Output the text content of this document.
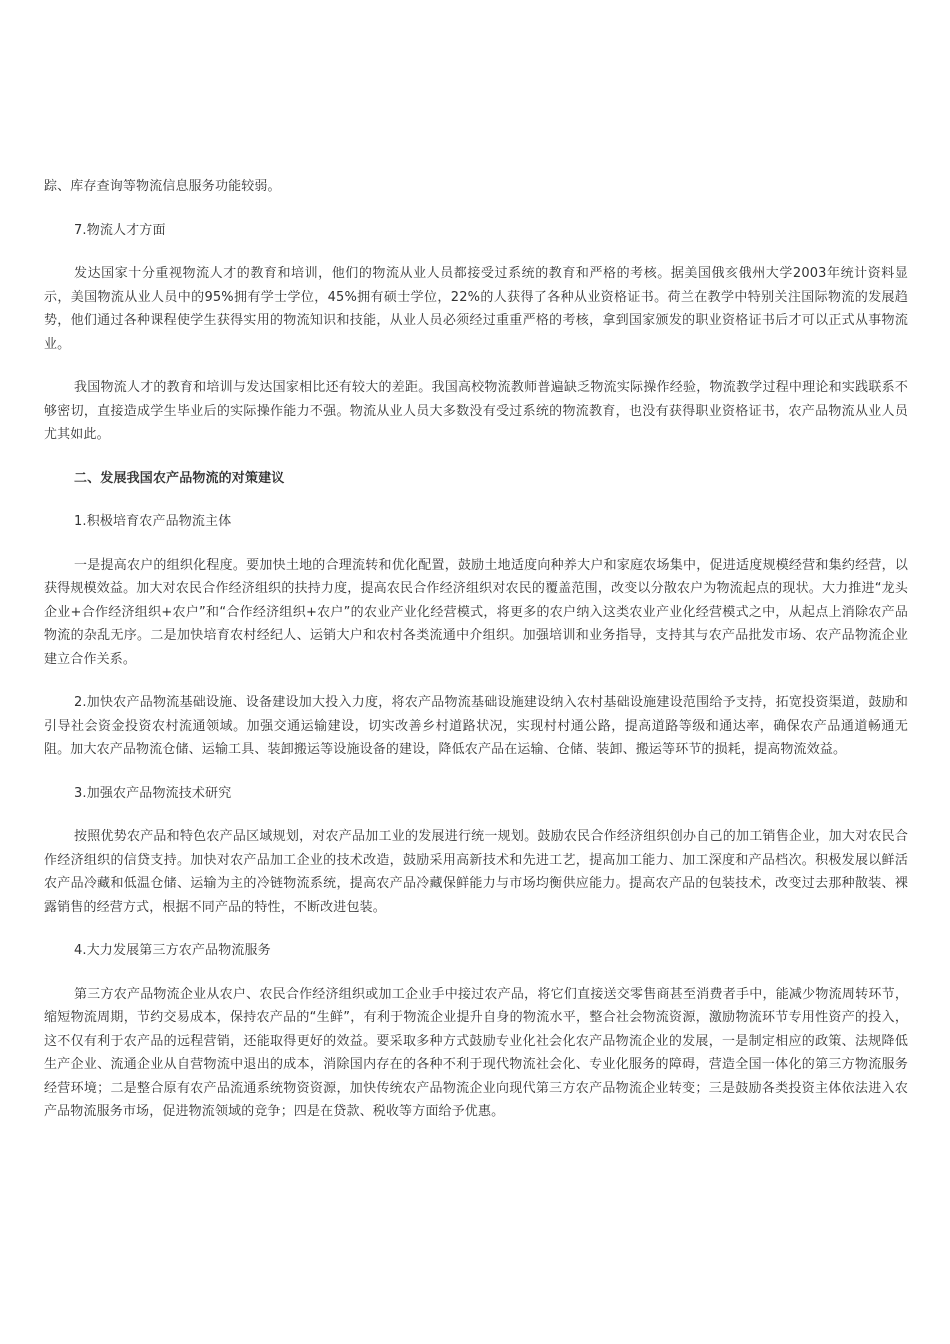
踪、库存查询等物流信息服务功能较弱。

7.物流人才方面

发达国家十分重视物流人才的教育和培训，他们的物流从业人员都接受过系统的教育和严格的考核。据美国俄亥俄州大学2003年统计资料显示，美国物流从业人员中的95%拥有学士学位，45%拥有硕士学位，22%的人获得了各种从业资格证书。荷兰在教学中特别关注国际物流的发展趋势，他们通过各种课程使学生获得实用的物流知识和技能，从业人员必须经过重重严格的考核，拿到国家颁发的职业资格证书后才可以正式从事物流业。

我国物流人才的教育和培训与发达国家相比还有较大的差距。我国高校物流教师普遍缺乏物流实际操作经验，物流教学过程中理论和实践联系不够密切，直接造成学生毕业后的实际操作能力不强。物流从业人员大多数没有受过系统的物流教育，也没有获得职业资格证书，农产品物流从业人员尤其如此。

二、发展我国农产品物流的对策建议

1.积极培育农产品物流主体

一是提高农户的组织化程度。要加快土地的合理流转和优化配置，鼓励土地适度向种养大户和家庭农场集中，促进适度规模经营和集约经营，以获得规模效益。加大对农民合作经济组织的扶持力度，提高农民合作经济组织对农民的覆盖范围，改变以分散农户为物流起点的现状。大力推进“龙头企业+合作经济组织+农户”和“合作经济组织+农户”的农业产业化经营模式，将更多的农户纳入这类农业产业化经营模式之中，从起点上消除农产品物流的杂乱无序。二是加快培育农村经纪人、运销大户和农村各类流通中介组织。加强培训和业务指导，支持其与农产品批发市场、农产品物流企业建立合作关系。

2.加快农产品物流基础设施、设备建设加大投入力度，将农产品物流基础设施建设纳入农村基础设施建设范围给予支持，拓宽投资渠道，鼓励和引导社会资金投资农村流通领域。加强交通运输建设，切实改善乡村道路状况，实现村村通公路，提高道路等级和通达率，确保农产品通道畅通无阻。加大农产品物流仓储、运输工具、装卸搬运等设施设备的建设，降低农产品在运输、仓储、装卸、搬运等环节的损耗，提高物流效益。

3.加强农产品物流技术研究

按照优势农产品和特色农产品区域规划，对农产品加工业的发展进行统一规划。鼓励农民合作经济组织创办自己的加工销售企业，加大对农民合作经济组织的信贷支持。加快对农产品加工企业的技术改造，鼓励采用高新技术和先进工艺，提高加工能力、加工深度和产品档次。积极发展以鲜活农产品冷藏和低温仓储、运输为主的冷链物流系统，提高农产品冷藏保鲜能力与市场均衡供应能力。提高农产品的包装技术，改变过去那种散装、裸露销售的经营方式，根据不同产品的特性，不断改进包装。

4.大力发展第三方农产品物流服务

第三方农产品物流企业从农户、农民合作经济组织或加工企业手中接过农产品，将它们直接送交零售商甚至消费者手中，能减少物流周转环节，缩短物流周期，节约交易成本，保持农产品的“生鲜”，有利于物流企业提升自身的物流水平，整合社会物流资源，激励物流环节专用性资产的投入，这不仅有利于农产品的远程营销，还能取得更好的效益。要采取多种方式鼓励专业化社会化农产品物流企业的发展，一是制定相应的政策、法规降低生产企业、流通企业从自营物流中退出的成本，消除国内存在的各种不利于现代物流社会化、专业化服务的障碍，营造全国一体化的第三方物流服务经营环境；二是整合原有农产品流通系统物资资源，加快传统农产品物流企业向现代第三方农产品物流企业转变；三是鼓励各类投资主体依法进入农产品物流服务市场，促进物流领域的竞争；四是在贷款、税收等方面给予优惠。
